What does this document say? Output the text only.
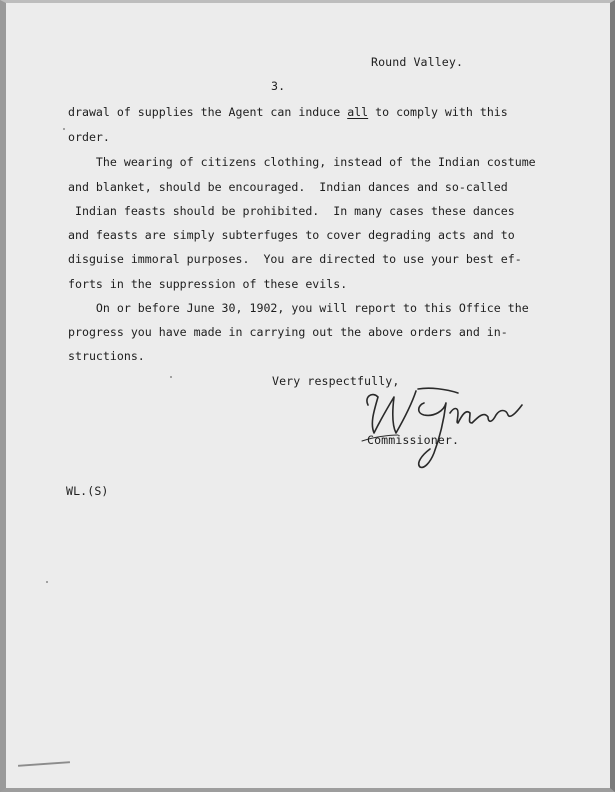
Round Valley.
3.
drawal of supplies the Agent can induce all to comply with this
order.
The wearing of citizens clothing, instead of the Indian costume
and blanket, should be encouraged.  Indian dances and so-called
Indian feasts should be prohibited.  In many cases these dances
and feasts are simply subterfuges to cover degrading acts and to
disguise immoral purposes.  You are directed to use your best ef-
forts in the suppression of these evils.
On or before June 30, 1902, you will report to this Office the
progress you have made in carrying out the above orders and in-
structions.
Very respectfully,
Commissioner.
WL.(S)
